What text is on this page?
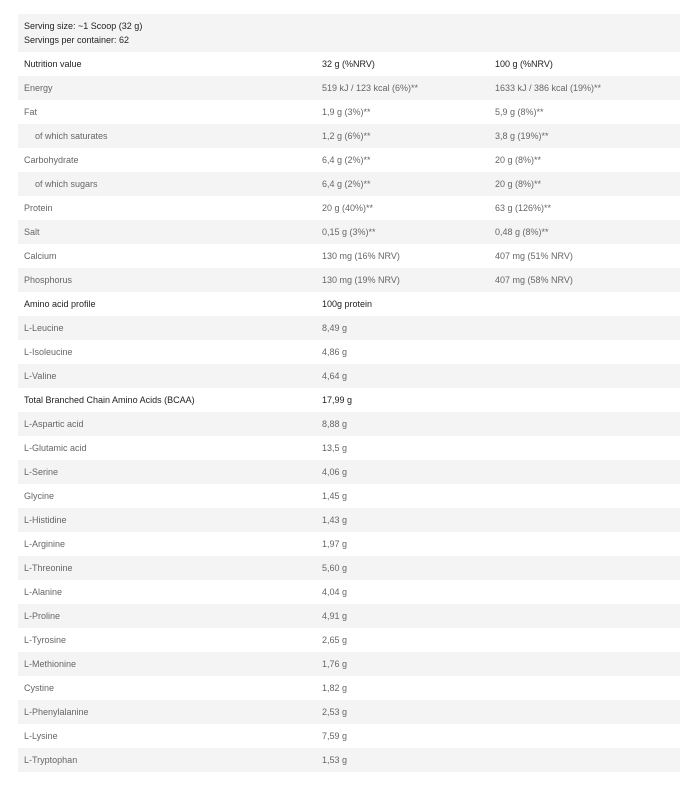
Serving size: ~1 Scoop (32 g)
Servings per container: 62
Nutrition value	32 g (%NRV)	100 g (%NRV)
Energy	519 kJ / 123 kcal (6%)**	1633 kJ / 386 kcal (19%)**
Fat	1,9 g (3%)**	5,9 g (8%)**
of which saturates	1,2 g (6%)**	3,8 g (19%)**
Carbohydrate	6,4 g (2%)**	20 g (8%)**
of which sugars	6,4 g (2%)**	20 g (8%)**
Protein	20 g (40%)**	63 g (126%)**
Salt	0,15 g (3%)**	0,48 g (8%)**
Calcium	130 mg (16% NRV)	407 mg (51% NRV)
Phosphorus	130 mg (19% NRV)	407 mg (58% NRV)
Amino acid profile	100g protein	
L-Leucine	8,49 g	
L-Isoleucine	4,86 g	
L-Valine	4,64 g	
Total Branched Chain Amino Acids (BCAA)	17,99 g	
L-Aspartic acid	8,88 g	
L-Glutamic acid	13,5 g	
L-Serine	4,06 g	
Glycine	1,45 g	
L-Histidine	1,43 g	
L-Arginine	1,97 g	
L-Threonine	5,60 g	
L-Alanine	4,04 g	
L-Proline	4,91 g	
L-Tyrosine	2,65 g	
L-Methionine	1,76 g	
Cystine	1,82 g	
L-Phenylalanine	2,53 g	
L-Lysine	7,59 g	
L-Tryptophan	1,53 g	
